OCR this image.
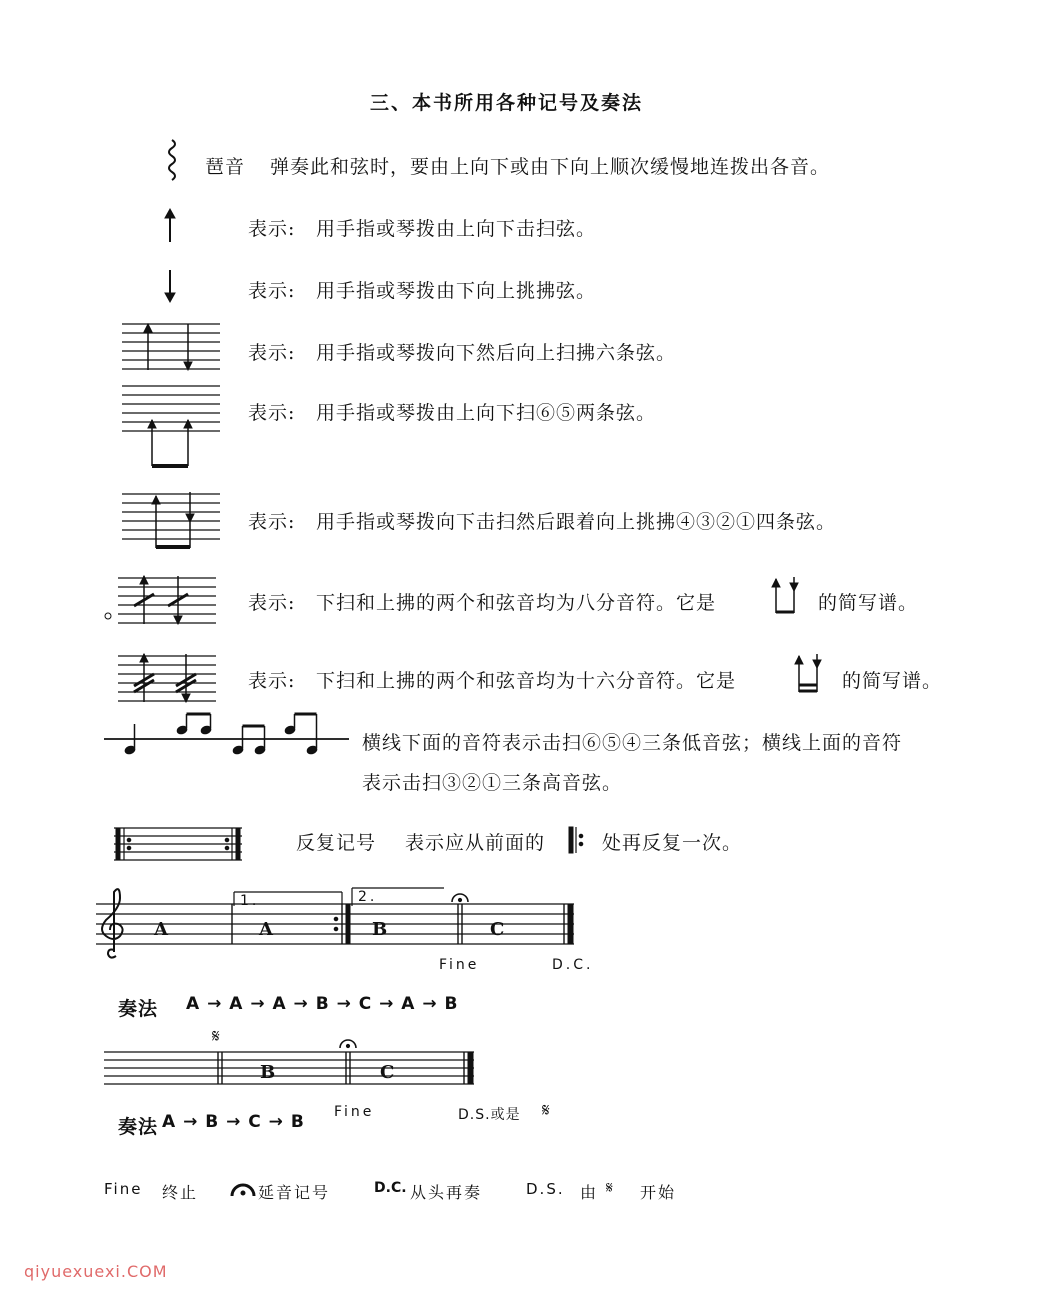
三、本书所用各种记号及奏法
琶音 弹奏此和弦时，要由上向下或由下向上顺次缓慢地连拨出各音。
表示: 用手指或琴拨由上向下击扫弦。
表示: 用手指或琴拨由下向上挑拂弦。
表示: 用手指或琴拨向下然后向上扫拂六条弦。
表示: 用手指或琴拨由上向下扫⑥⑤两条弦。
表示: 用手指或琴拨向下击扫然后跟着向上挑拂④③②①四条弦。
表示: 下扫和上拂的两个和弦音均为八分音符。它是	的简写谱。
表示: 下扫和上拂的两个和弦音均为十六分音符。它是	的简写谱。
横线下面的音符表示击扫⑥⑤④三条低音弦；横线上面的音符
表示击扫③②①三条高音弦。
反复记号 表示应从前面的	处再反复一次。
1.	2.
A	A	B	C
Fine	D.C.
奏法 A → A → A → B → C → A → B
𝄋
B	C
Fine	D.S.或是 𝄋
奏法 A → B → C → B
Fine 终止	延音记号	D.C. 从头再奏	D.S. 由 𝄋 开始
qiyuexuexi.COM
